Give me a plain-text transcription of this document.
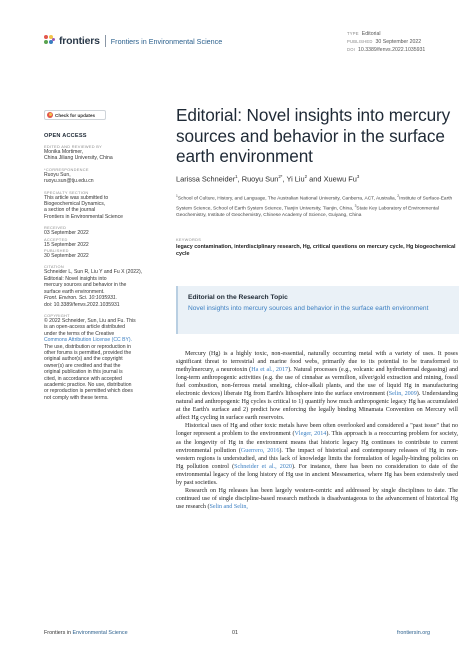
frontiers Frontiers in Environmental Science
TYPE Editorial
PUBLISHED 30 September 2022
DOI 10.3389/fenvs.2022.1035931
Check for updates
OPEN ACCESS
EDITED AND REVIEWED BY
Monika Mortimer,
China Jiliang University, China
*CORRESPONDENCE
Ruoyu Sun,
ruoyu.sun@tju.edu.cn
SPECIALTY SECTION
This article was submitted to
Biogeochemical Dynamics,
a section of the journal
Frontiers in Environmental Science
RECEIVED
03 September 2022
ACCEPTED
15 September 2022
PUBLISHED
30 September 2022
CITATION
Schneider L, Sun R, Liu Y and Fu X (2022),
Editorial: Novel insights into
mercury sources and behavior in the
surface earth environment.
Front. Environ. Sci. 10:1035931.
doi: 10.3389/fenvs.2022.1035931
COPYRIGHT
© 2022 Schneider, Sun, Liu and Fu. This
is an open-access article distributed
under the terms of the Creative
Commons Attribution License (CC BY).
The use, distribution or reproduction in
other forums is permitted, provided the
original author(s) and the copyright
owner(s) are credited and that the
original publication in this journal is
cited, in accordance with accepted
academic practice. No use, distribution
or reproduction is permitted which does
not comply with these terms.
Editorial: Novel insights into mercury sources and behavior in the surface earth environment
Larissa Schneider$^1$, Ruoyu Sun$^{2*}$, Yi Liu$^2$ and Xuewu Fu$^3$
$^1$School of Culture, History, and Language, The Australian National University, Canberra, ACT, Australia, $^2$Institute of Surface-Earth System Science, School of Earth System Science, Tianjin University, Tianjin, China, $^3$State Key Laboratory of Environmental Geochemistry, Institute of Geochemistry, Chinese Academy of Science, Guiyang, China
KEYWORDS
legacy contamination, interdisciplinary research, Hg, critical questions on mercury cycle, Hg biogeochemical cycle
Editorial on the Research Topic
Novel insights into mercury sources and behavior in the surface earth environment

Mercury (Hg) is a highly toxic, non-essential, naturally occurring metal with a variety of uses. It poses significant threat to terrestrial and marine food webs, primarily due to its potential to be transformed to methylmercury, a neurotoxin (Ha et al., 2017). Natural processes (e.g., volcanic and hydrothermal degassing) and long-term anthropogenic activities (e.g. the use of cinnabar as vermilion, silver/gold extraction and mining, fossil fuel combustion, non-ferrous metal smelting, chlor-alkali plants, and the use of liquid Hg in manufacturing electronic devices) liberate Hg from Earth's lithosphere into the surface environment (Selin, 2009). Understanding natural and anthropogenic Hg cycles is critical to 1) quantify how much anthropogenic legacy Hg has accumulated at the Earth's surface and 2) predict how enforcing the legally binding Minamata Convention on Mercury will affect Hg cycling in surface earth reservoirs.

Historical uses of Hg and other toxic metals have been often overlooked and considered a "past issue" that no longer represent a problem to the environment (Vleger, 2014). This approach is a reoccurring problem for society, as the longevity of Hg in the environment means that historic legacy Hg continues to contribute to current environmental pollution (Guerrero, 2016). The impact of historical and contemporary releases of Hg in non-western regions is understudied, and this lack of knowledge limits the formulation of legally-binding policies on Hg pollution control (Schneider et al., 2020). For instance, there has been no consideration to date of the environmental legacy of the long history of Hg use in ancient Mesoamerica, where Hg has been extensively used by past societies.

Research on Hg releases has been largely western-centric and addressed by single disciplines to date. The continued use of single discipline-based research methods is disadvantageous to the advancement of historical Hg use research (Selin and Selin,

Frontiers in Environmental Science	01	frontiersin.org
